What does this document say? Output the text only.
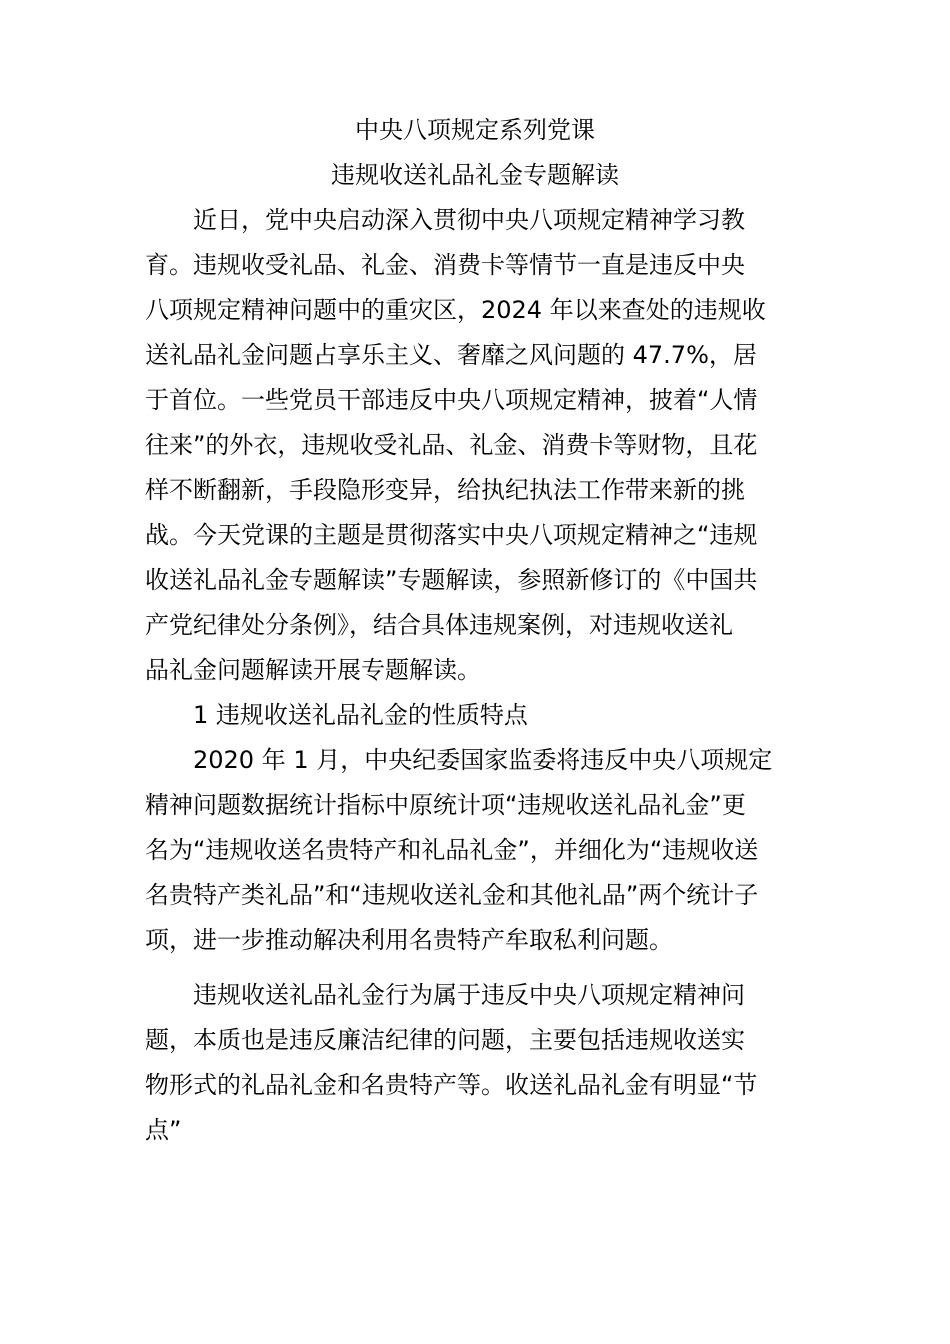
中央八项规定系列党课
违规收送礼品礼金专题解读
近日，党中央启动深入贯彻中央八项规定精神学习教
育。违规收受礼品、礼金、消费卡等情节一直是违反中央
八项规定精神问题中的重灾区，2024 年以来查处的违规收
送礼品礼金问题占享乐主义、奢靡之风问题的 47.7%，居
于首位。一些党员干部违反中央八项规定精神，披着“人情
往来”的外衣，违规收受礼品、礼金、消费卡等财物，且花
样不断翻新，手段隐形变异，给执纪执法工作带来新的挑
战。今天党课的主题是贯彻落实中央八项规定精神之“违规
收送礼品礼金专题解读”专题解读，参照新修订的《中国共
产党纪律处分条例》，结合具体违规案例，对违规收送礼
品礼金问题解读开展专题解读。
1 违规收送礼品礼金的性质特点
2020 年 1 月，中央纪委国家监委将违反中央八项规定
精神问题数据统计指标中原统计项“违规收送礼品礼金”更
名为“违规收送名贵特产和礼品礼金”，并细化为“违规收送
名贵特产类礼品”和“违规收送礼金和其他礼品”两个统计子
项，进一步推动解决利用名贵特产牟取私利问题。
违规收送礼品礼金行为属于违反中央八项规定精神问
题，本质也是违反廉洁纪律的问题，主要包括违规收送实
物形式的礼品礼金和名贵特产等。收送礼品礼金有明显“节
点”
